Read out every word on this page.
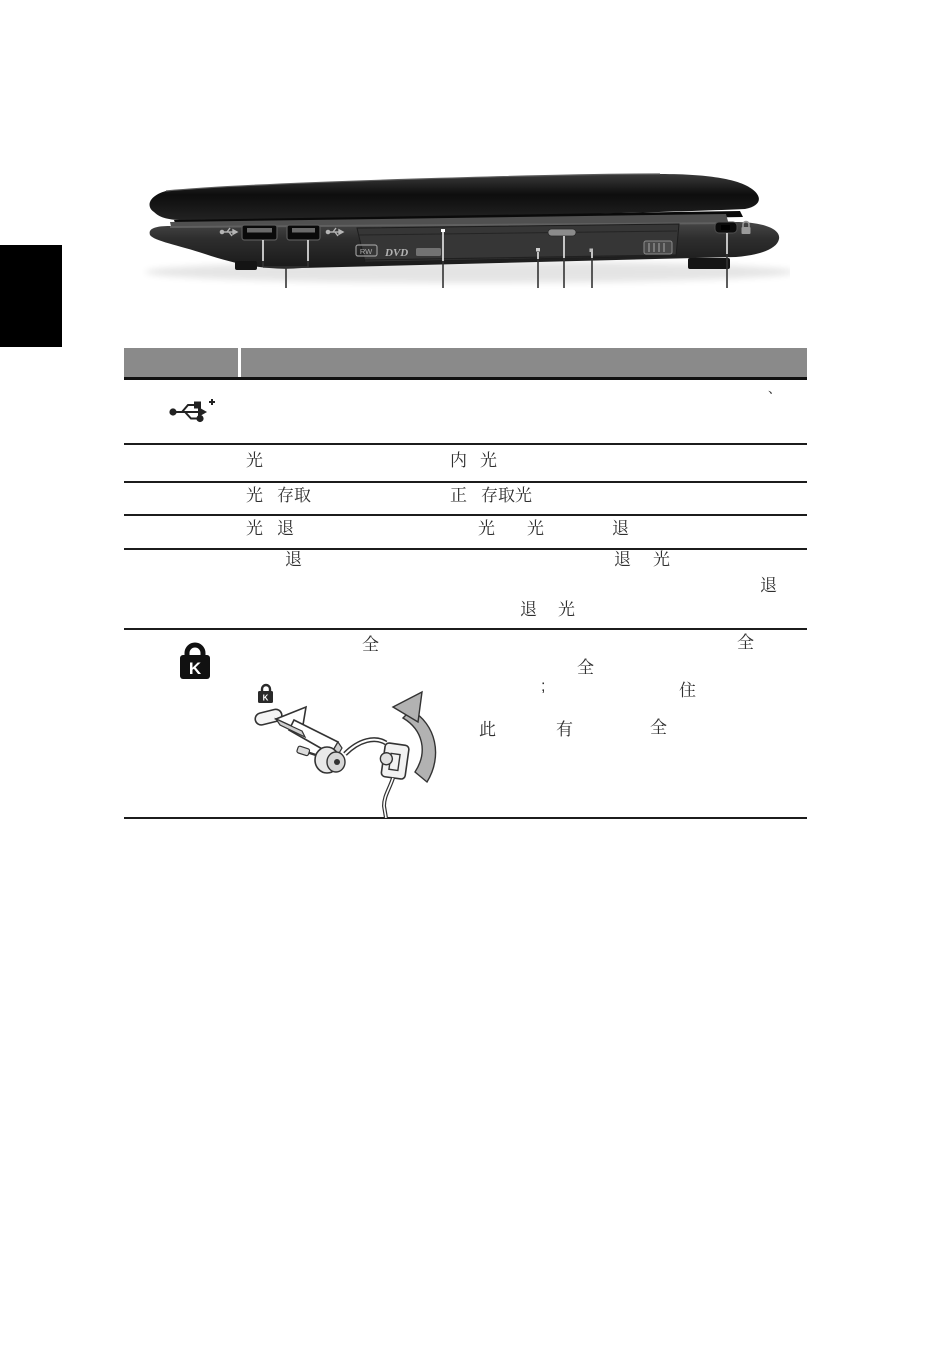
RW DVD
K
K
、
光	内 光
光 存取	正 存取光
光 退	光 光	退
退	退 光
退
退 光
全	全
全
;	住
此	有	全
